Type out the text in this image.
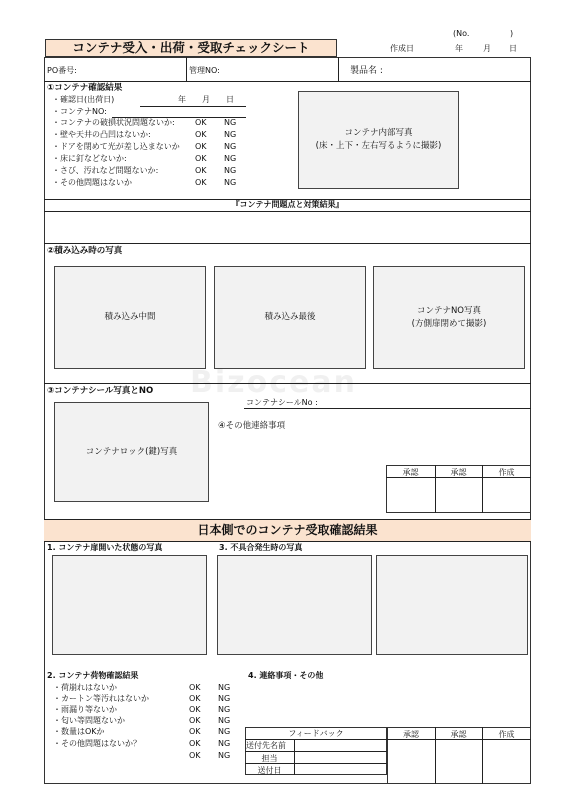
(No.	)
コンテナ受入・出荷・受取チェックシート	作成日	年	月 日
PO番号:	管理NO:	製品名 :
①コンテナ確認結果
・確認日(出荷日)	年 月 日
・コンテナNO:
・コンテナの破損状況問題ないか:	OK NG
・壁や天井の凸凹はないか:	OK NG
・ドアを閉めて光が差し込まないか OK NG
・床に釘などないか:	OK NG
・さび、汚れなど問題ないか:	OK NG
・その他問題はないか	OK NG
コンテナ内部写真
(床・上下・左右写るように撮影)
『コンテナ問題点と対策結果』
②積み込み時の写真
積み込み中間	積み込み最後
コンテナNO写真
(方側扉閉めて撮影)
③コンテナシール写真とNO
コンテナシールNo :
コンテナロック(鍵)写真
④その他連絡事項
承認	承認	作成
日本側でのコンテナ受取確認結果
1. コンテナ扉開いた状態の写真	3. 不具合発生時の写真
2. コンテナ荷物確認結果	4. 連絡事項・その他
・荷崩れはないか	OK NG
・カートン等汚れはないか	OK NG
・雨漏り等ないか	OK NG
・匂い等問題ないか	OK NG
・数量はOKか	OK NG
・その他問題はないか？	OK NG
OK NG
フィードバック
送付先名前
担当
送付日
承認	承認	作成
Bizocean
